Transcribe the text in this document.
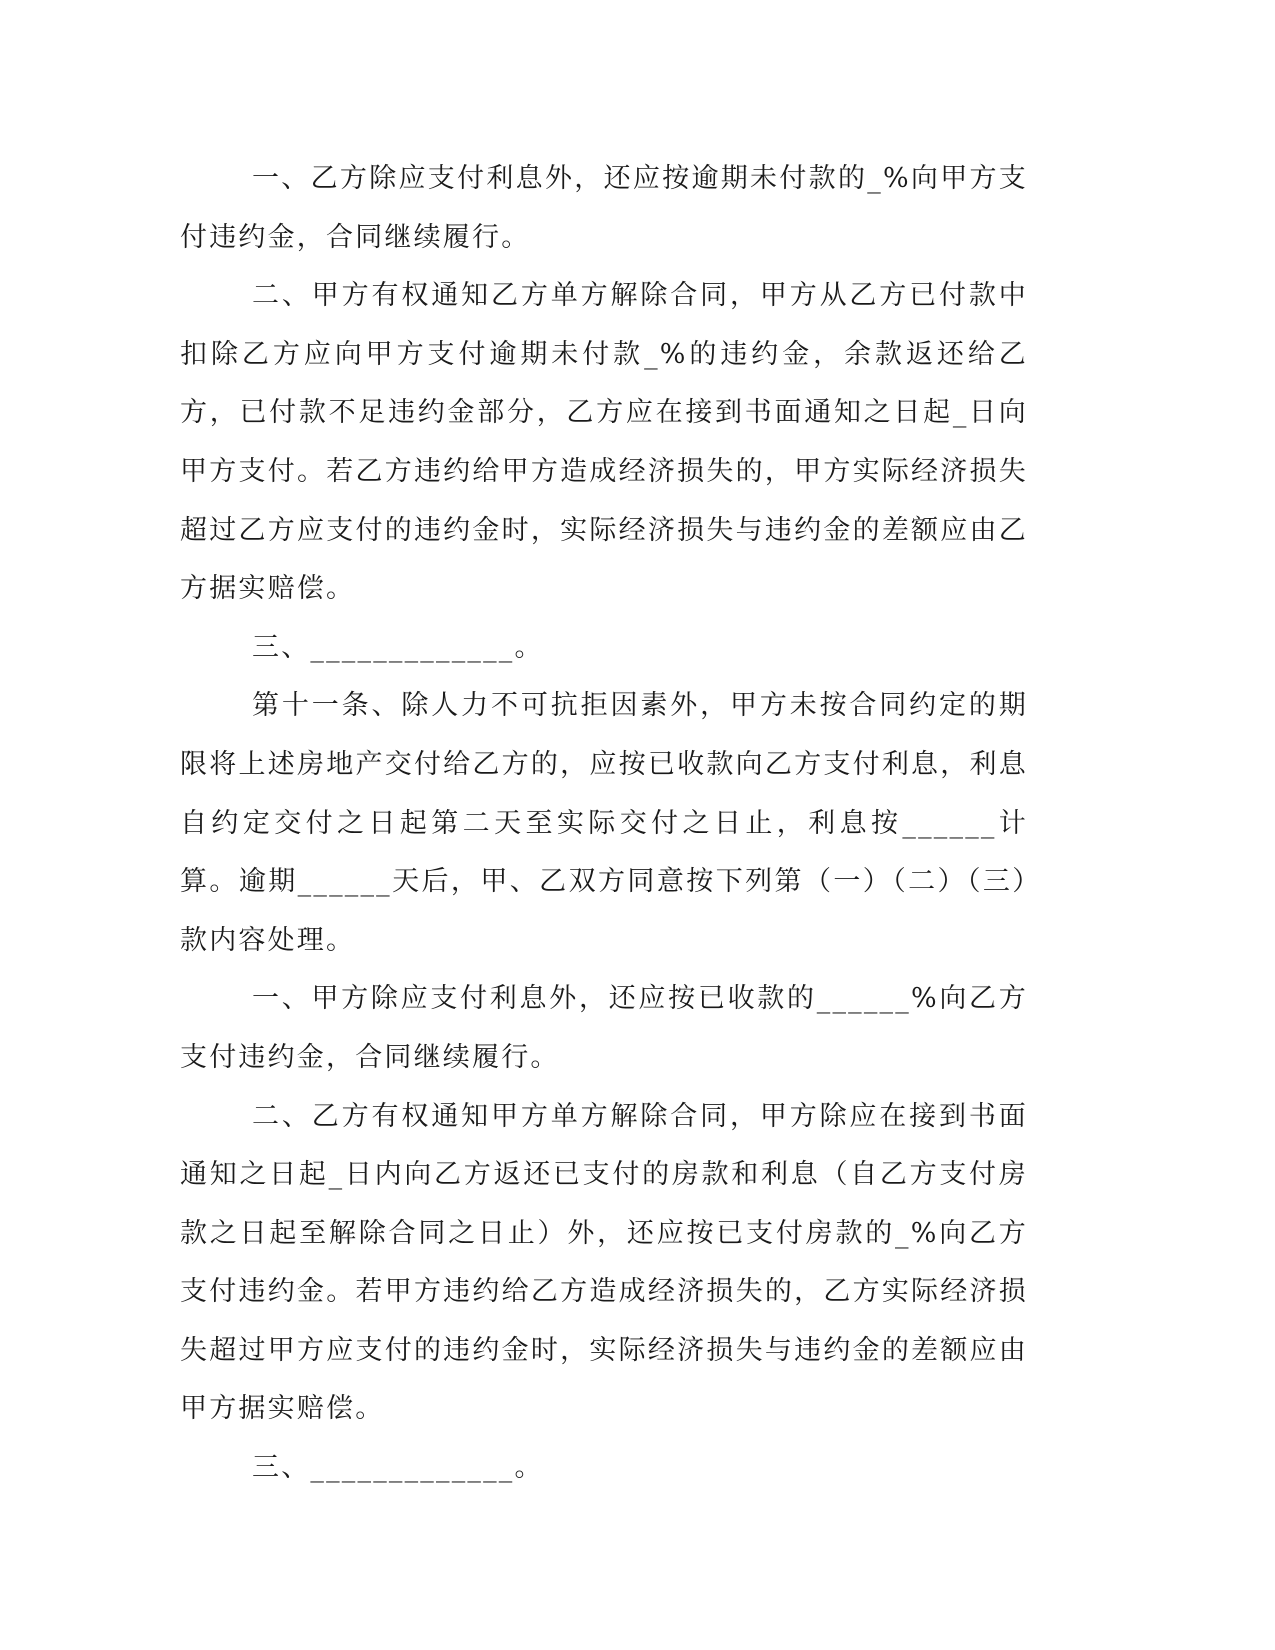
一、乙方除应支付利息外，还应按逾期未付款的_%向甲方支付违约金，合同继续履行。

二、甲方有权通知乙方单方解除合同，甲方从乙方已付款中扣除乙方应向甲方支付逾期未付款_%的违约金，余款返还给乙方，已付款不足违约金部分，乙方应在接到书面通知之日起_日向甲方支付。若乙方违约给甲方造成经济损失的，甲方实际经济损失超过乙方应支付的违约金时，实际经济损失与违约金的差额应由乙方据实赔偿。

三、_____________。

第十一条、除人力不可抗拒因素外，甲方未按合同约定的期限将上述房地产交付给乙方的，应按已收款向乙方支付利息，利息自约定交付之日起第二天至实际交付之日止，利息按______计算。逾期______天后，甲、乙双方同意按下列第（一）（二）（三）款内容处理。

一、甲方除应支付利息外，还应按已收款的______%向乙方支付违约金，合同继续履行。

二、乙方有权通知甲方单方解除合同，甲方除应在接到书面通知之日起_日内向乙方返还已支付的房款和利息（自乙方支付房款之日起至解除合同之日止）外，还应按已支付房款的_%向乙方支付违约金。若甲方违约给乙方造成经济损失的，乙方实际经济损失超过甲方应支付的违约金时，实际经济损失与违约金的差额应由甲方据实赔偿。

三、_____________。
